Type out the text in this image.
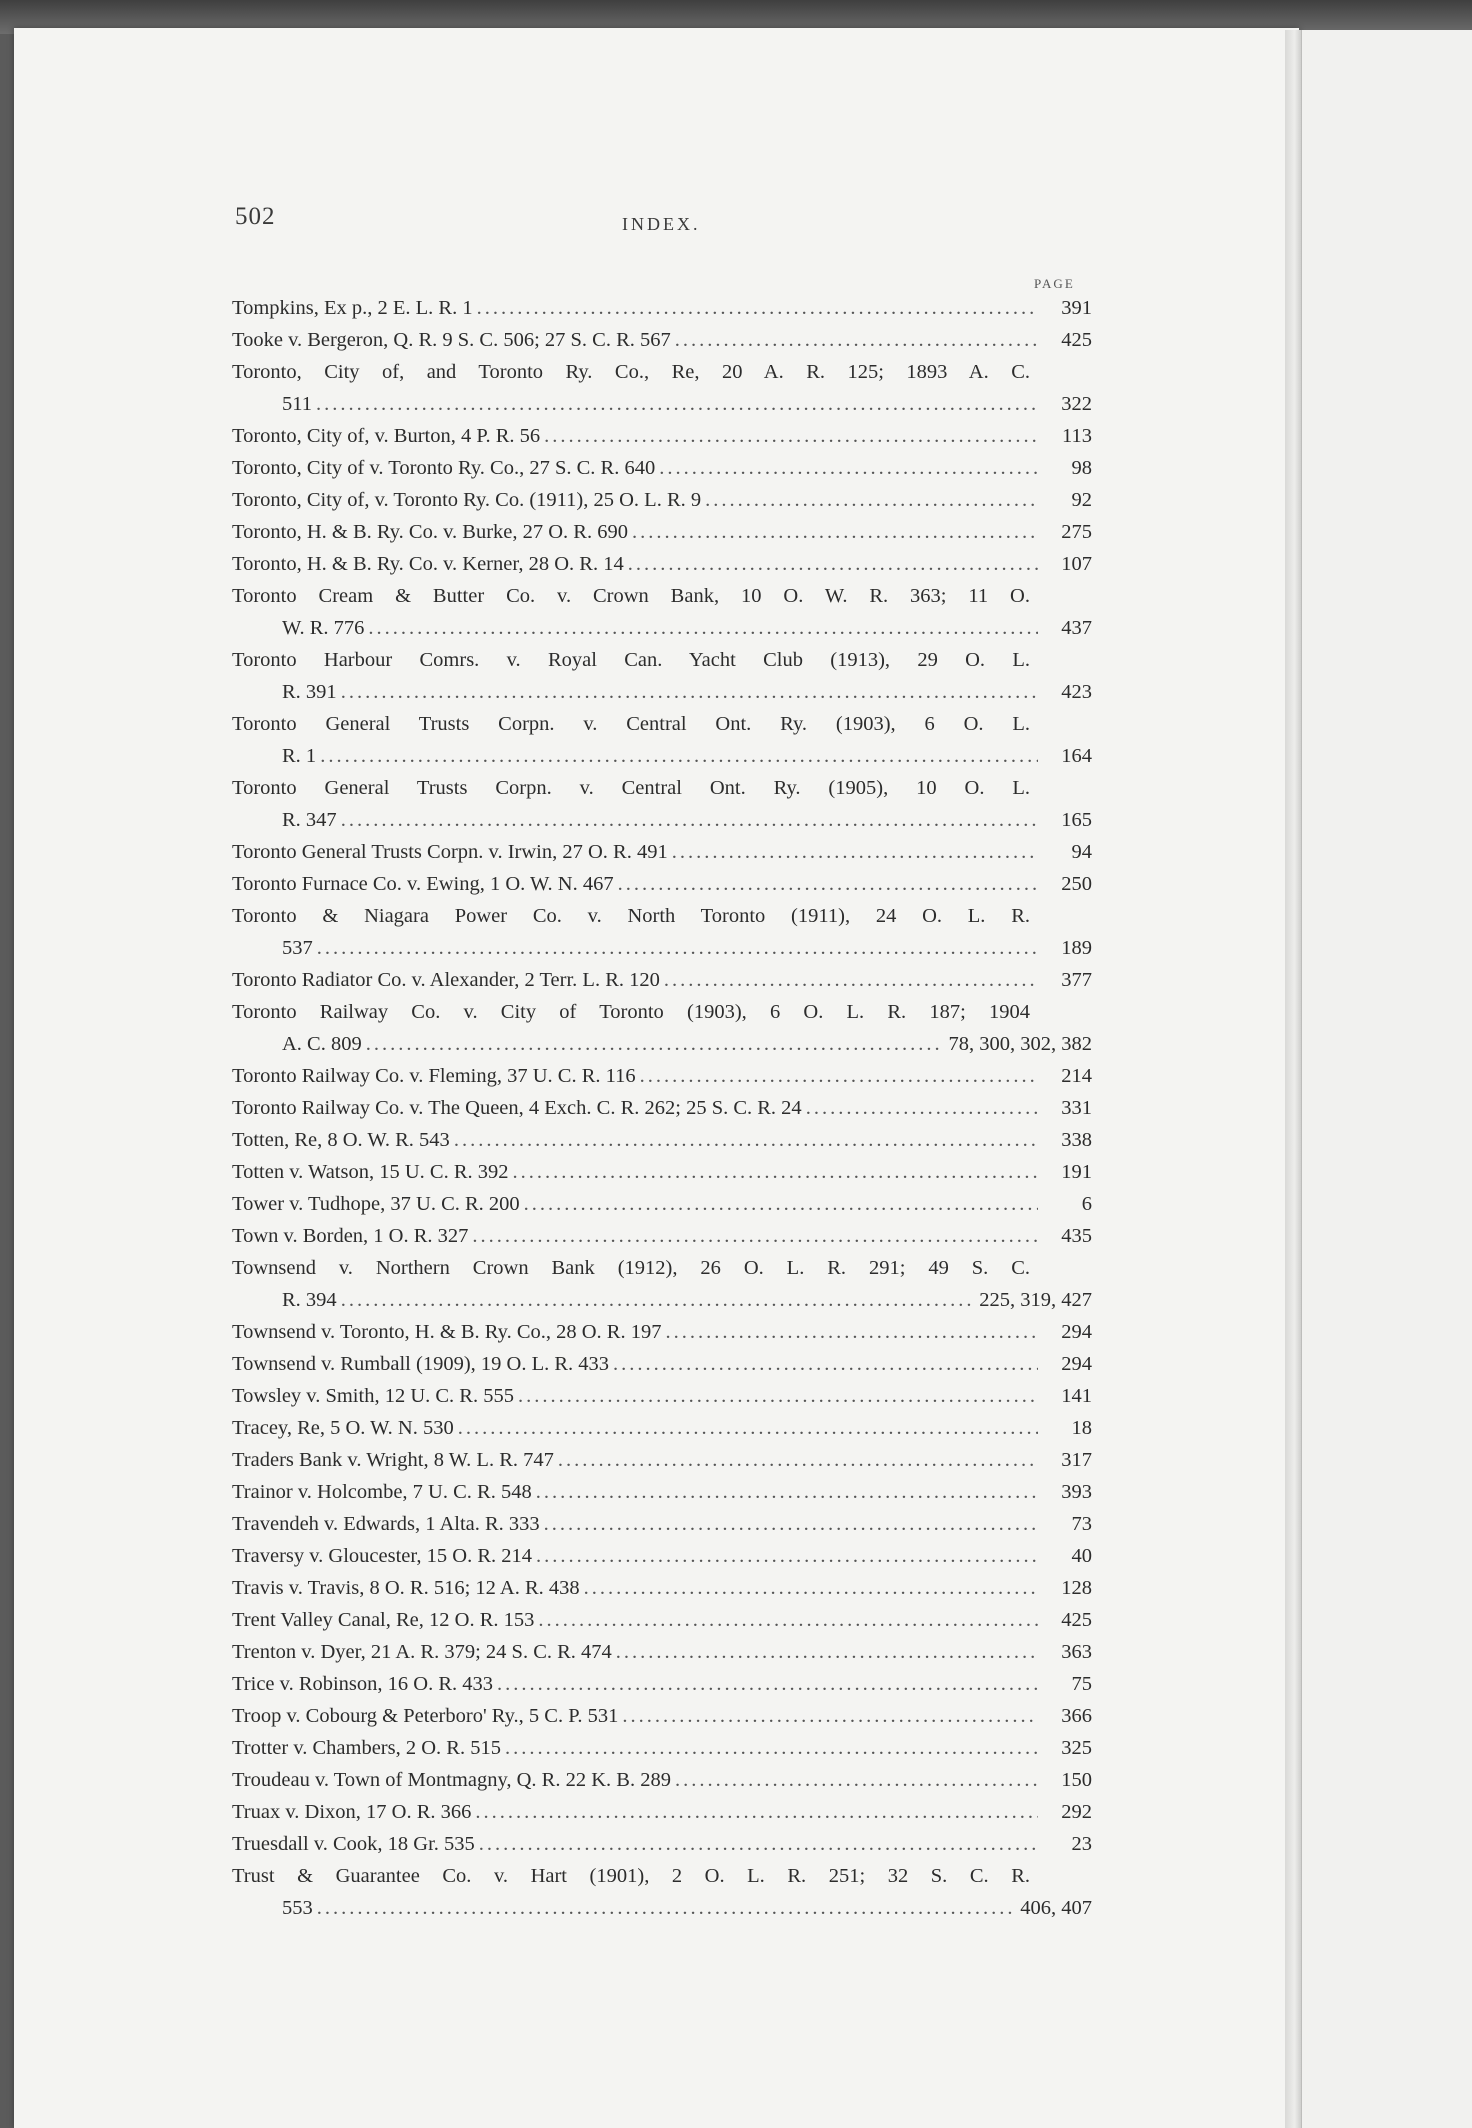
502	INDEX.
PAGE
Tompkins, Ex p., 2 E. L. R. 1 .....	391
Tooke v. Bergeron, Q. R. 9 S. C. 506; 27 S. C. R. 567 .....	425
Toronto, City of, and Toronto Ry. Co., Re, 20 A. R. 125; 1893 A. C.
511 .....	322
Toronto, City of, v. Burton, 4 P. R. 56 .....	113
Toronto, City of v. Toronto Ry. Co., 27 S. C. R. 640 .....	98
Toronto, City of, v. Toronto Ry. Co. (1911), 25 O. L. R. 9 .....	92
Toronto, H. & B. Ry. Co. v. Burke, 27 O. R. 690 .....	275
Toronto, H. & B. Ry. Co. v. Kerner, 28 O. R. 14 .....	107
Toronto Cream & Butter Co. v. Crown Bank, 10 O. W. R. 363; 11 O.
W. R. 776 .....	437
Toronto Harbour Comrs. v. Royal Can. Yacht Club (1913), 29 O. L.
R. 391 .....	423
Toronto General Trusts Corpn. v. Central Ont. Ry. (1903), 6 O. L.
R. 1 .....	164
Toronto General Trusts Corpn. v. Central Ont. Ry. (1905), 10 O. L.
R. 347 .....	165
Toronto General Trusts Corpn. v. Irwin, 27 O. R. 491 .....	94
Toronto Furnace Co. v. Ewing, 1 O. W. N. 467 .....	250
Toronto & Niagara Power Co. v. North Toronto (1911), 24 O. L. R.
537 .....	189
Toronto Radiator Co. v. Alexander, 2 Terr. L. R. 120 .....	377
Toronto Railway Co. v. City of Toronto (1903), 6 O. L. R. 187; 1904
A. C. 809 .....	78, 300, 302, 382
Toronto Railway Co. v. Fleming, 37 U. C. R. 116 .....	214
Toronto Railway Co. v. The Queen, 4 Exch. C. R. 262; 25 S. C. R. 24 .....	331
Totten, Re, 8 O. W. R. 543 .....	338
Totten v. Watson, 15 U. C. R. 392 .....	191
Tower v. Tudhope, 37 U. C. R. 200 .....	6
Town v. Borden, 1 O. R. 327 .....	435
Townsend v. Northern Crown Bank (1912), 26 O. L. R. 291; 49 S. C.
R. 394 .....	225, 319, 427
Townsend v. Toronto, H. & B. Ry. Co., 28 O. R. 197 .....	294
Townsend v. Rumball (1909), 19 O. L. R. 433 .....	294
Towsley v. Smith, 12 U. C. R. 555 .....	141
Tracey, Re, 5 O. W. N. 530 .....	18
Traders Bank v. Wright, 8 W. L. R. 747 .....	317
Trainor v. Holcombe, 7 U. C. R. 548 .....	393
Travendeh v. Edwards, 1 Alta. R. 333 .....	73
Traversy v. Gloucester, 15 O. R. 214 .....	40
Travis v. Travis, 8 O. R. 516; 12 A. R. 438 .....	128
Trent Valley Canal, Re, 12 O. R. 153 .....	425
Trenton v. Dyer, 21 A. R. 379; 24 S. C. R. 474 .....	363
Trice v. Robinson, 16 O. R. 433 .....	75
Troop v. Cobourg & Peterboro' Ry., 5 C. P. 531 .....	366
Trotter v. Chambers, 2 O. R. 515 .....	325
Troudeau v. Town of Montmagny, Q. R. 22 K. B. 289 .....	150
Truax v. Dixon, 17 O. R. 366 .....	292
Truesdall v. Cook, 18 Gr. 535 .....	23
Trust & Guarantee Co. v. Hart (1901), 2 O. L. R. 251; 32 S. C. R.
553 .....	406, 407
